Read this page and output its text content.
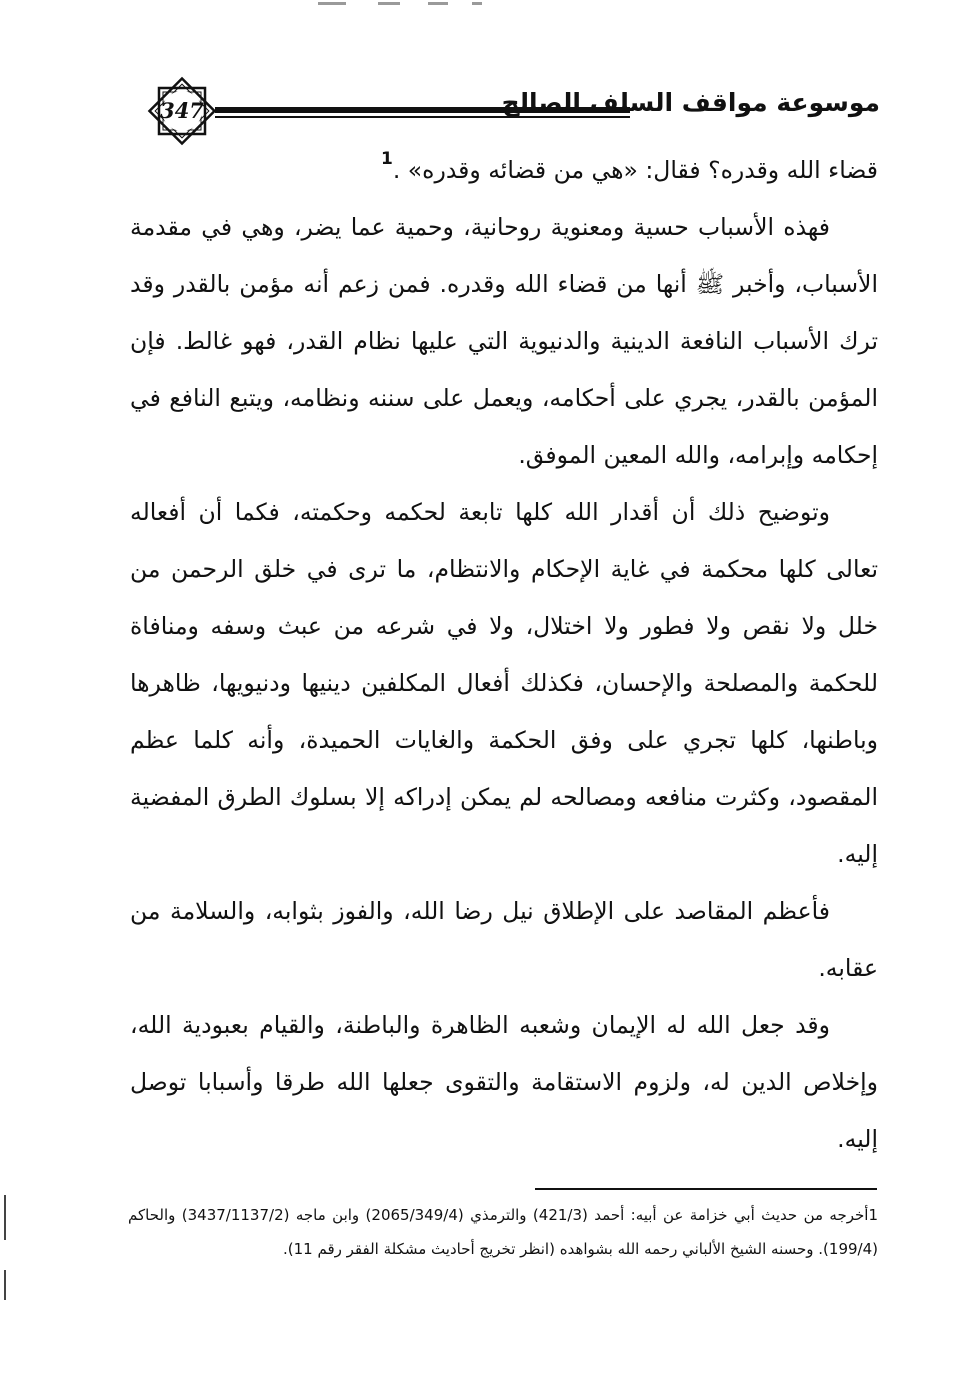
347	موسوعة مواقف السلف الصالح

قضاء الله وقدره؟ فقال: «هي من قضائه وقدره» .$^1$

فهذه الأسباب حسية ومعنوية روحانية، وحمية عما يضر، وهي في مقدمة الأسباب، وأخبر ﷺ أنها من قضاء الله وقدره. فمن زعم أنه مؤمن بالقدر وقد ترك الأسباب النافعة الدينية والدنيوية التي عليها نظام القدر، فهو غالط. فإن المؤمن بالقدر، يجري على أحكامه، ويعمل على سننه ونظامه، ويتبع النافع في إحكامه وإبرامه، والله المعين الموفق.

وتوضيح ذلك أن أقدار الله كلها تابعة لحكمه وحكمته، فكما أن أفعاله تعالى كلها محكمة في غاية الإحكام والانتظام، ما ترى في خلق الرحمن من خلل ولا نقص ولا فطور ولا اختلال، ولا في شرعه من عبث وسفه ومنافاة للحكمة والمصلحة والإحسان، فكذلك أفعال المكلفين دينيها ودنيويها، ظاهرها وباطنها، كلها تجري على وفق الحكمة والغايات الحميدة، وأنه كلما عظم المقصود، وكثرت منافعه ومصالحه لم يمكن إدراكه إلا بسلوك الطرق المفضية إليه.

فأعظم المقاصد على الإطلاق نيل رضا الله، والفوز بثوابه، والسلامة من عقابه.

وقد جعل الله له الإيمان وشعبه الظاهرة والباطنة، والقيام بعبودية الله، وإخلاص الدين له، ولزوم الاستقامة والتقوى جعلها الله طرقا وأسبابا توصل إليه.

1أخرجه من حديث أبي خزامة عن أبيه: أحمد (421/3) والترمذي (2065/349/4) وابن ماجه (3437/1137/2) والحاكم (199/4). وحسنه الشيخ الألباني رحمه الله بشواهده (انظر تخريج أحاديث مشكلة الفقر رقم 11).
